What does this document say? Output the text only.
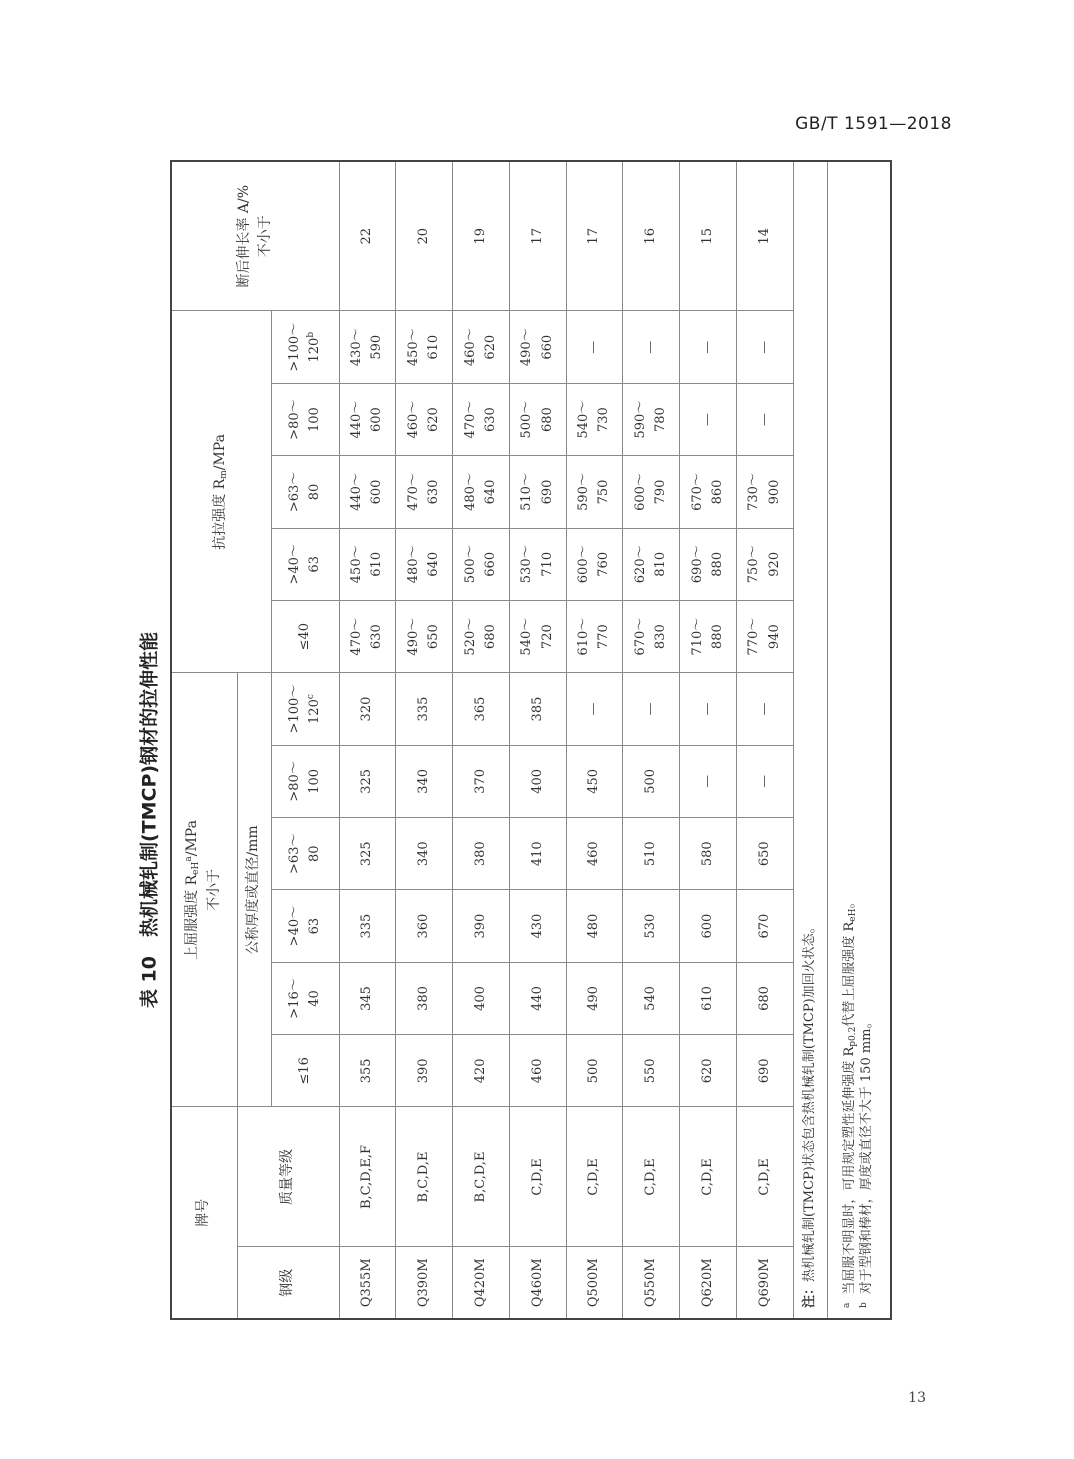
GB/T 1591—2018
表 10　热机械轧制(TMCP)钢材的拉伸性能
13
牌号		上屈服强度 $R_{eH}^a$/MPa
不小于						抗拉强度 $R_m$/MPa					断后伸长率 A/% 不小于
钢级	质量等级	公称厚度或直径/mm											
		≤16	>16～ 40	>40～ 63	>63～ 80	>80～ 100	>100～ $120^c$	≤40	>40～ 63	>63～ 80	>80～ 100	>100～ 120$^b$
Q355M	B,C,D,E,F	355	345	335	325	325	320	470～ 630	450～ 610	440～ 600	440～ 600	430～ 590	22
Q390M	B,C,D,E	390	380	360	340	340	335	490～ 650	480～ 640	470～ 630	460～ 620	450～ 610	20
Q420M	B,C,D,E	420	400	390	380	370	365	520～ 680	500～ 660	480～ 640	470～ 630	460～ 620	19
Q460M	C,D,E	460	440	430	410	400	385	540～ 720	530～ 710	510～ 690	500～ 680	490～ 660	17
Q500M	C,D,E	500	490	480	460	450	—	610～ 770	600～ 760	590～ 750	540～ 730	—	17
Q550M	C,D,E	550	540	530	510	500	—	670～ 830	620～ 810	600～ 790	590～ 780	—	16
Q620M	C,D,E	620	610	600	580	—	—	710～ 880	690～ 880	670～ 860	—	—	15
Q690M	C,D,E	690	680	670	650	—	—	770～ 940	750～ 920	730～ 900	—	—	14
注：热机械轧制(TMCP)状态包含热机械轧制(TMCP)加回火状态。													

$^a$当屈服不明显时，可用规定塑性延伸强度 $R_{p0.2}$代替上屈服强度 $R_{eH}$。
$^b$对于型钢和棒材，厚度或直径不大于 150 mm。													
